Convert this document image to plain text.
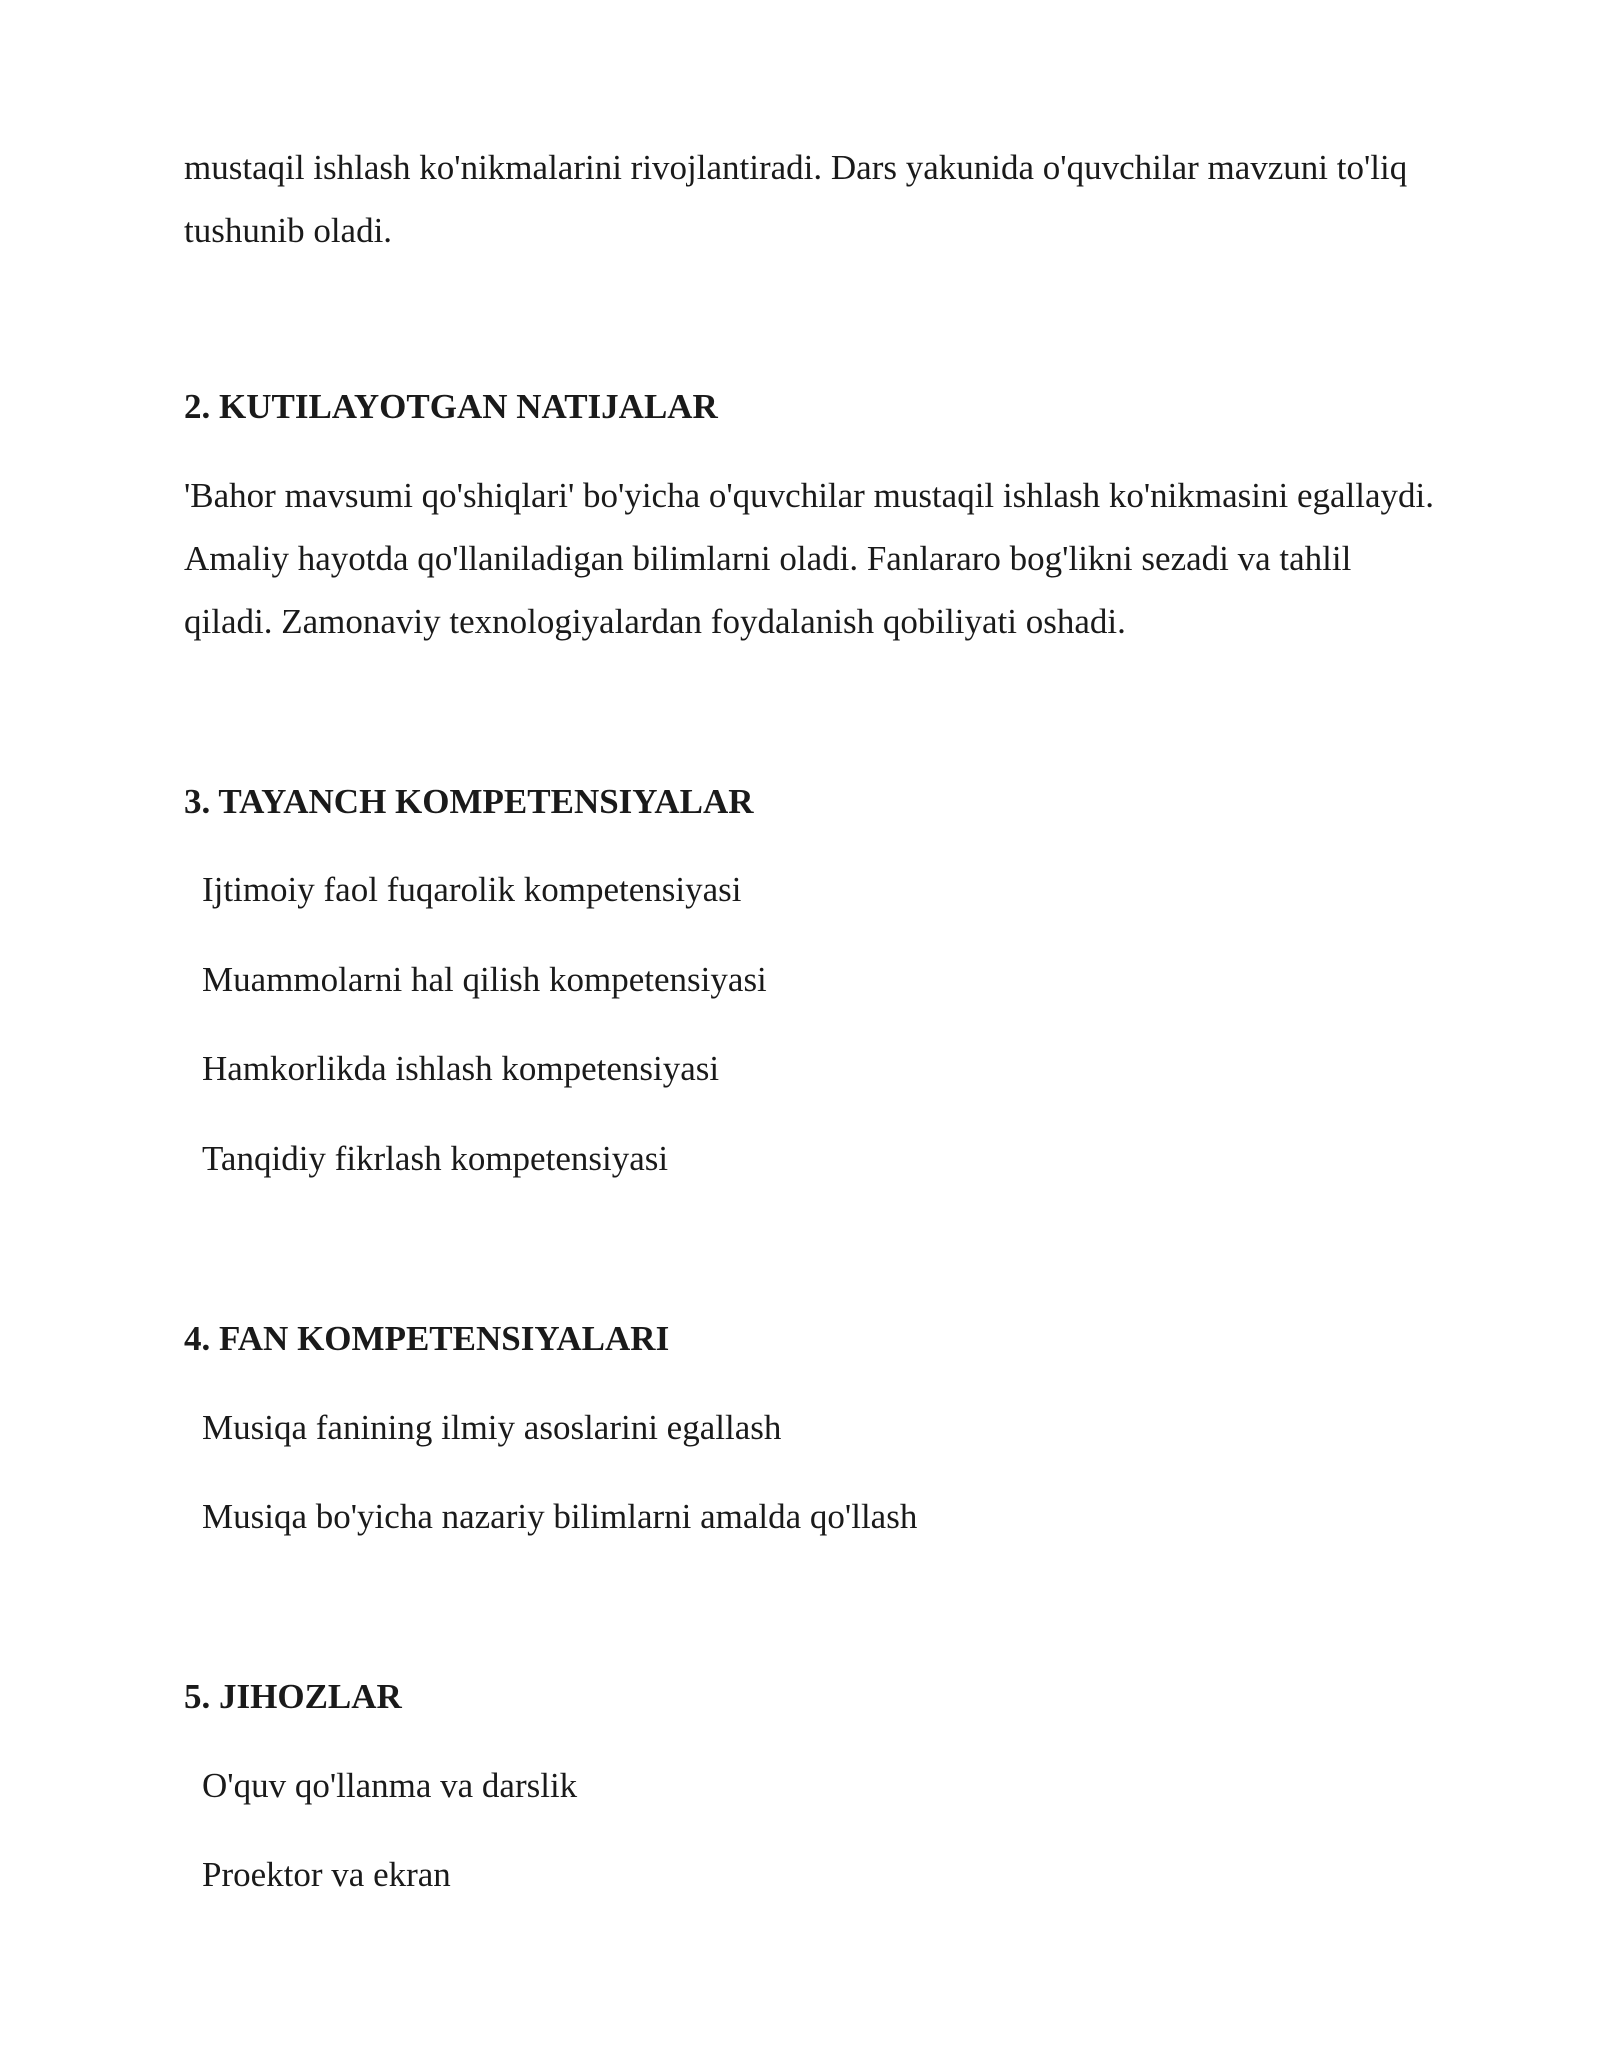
mustaqil ishlash ko'nikmalarini rivojlantiradi. Dars yakunida o'quvchilar mavzuni to'liq tushunib oladi.

2. KUTILAYOTGAN NATIJALAR

'Bahor mavsumi qo'shiqlari' bo'yicha o'quvchilar mustaqil ishlash ko'nikmasini egallaydi. Amaliy hayotda qo'llaniladigan bilimlarni oladi. Fanlararo bog'likni sezadi va tahlil qiladi. Zamonaviy texnologiyalardan foydalanish qobiliyati oshadi.

3. TAYANCH KOMPETENSIYALAR

Ijtimoiy faol fuqarolik kompetensiyasi

Muammolarni hal qilish kompetensiyasi

Hamkorlikda ishlash kompetensiyasi

Tanqidiy fikrlash kompetensiyasi

4. FAN KOMPETENSIYALARI

Musiqa fanining ilmiy asoslarini egallash

Musiqa bo'yicha nazariy bilimlarni amalda qo'llash

5. JIHOZLAR

O'quv qo'llanma va darslik

Proektor va ekran
